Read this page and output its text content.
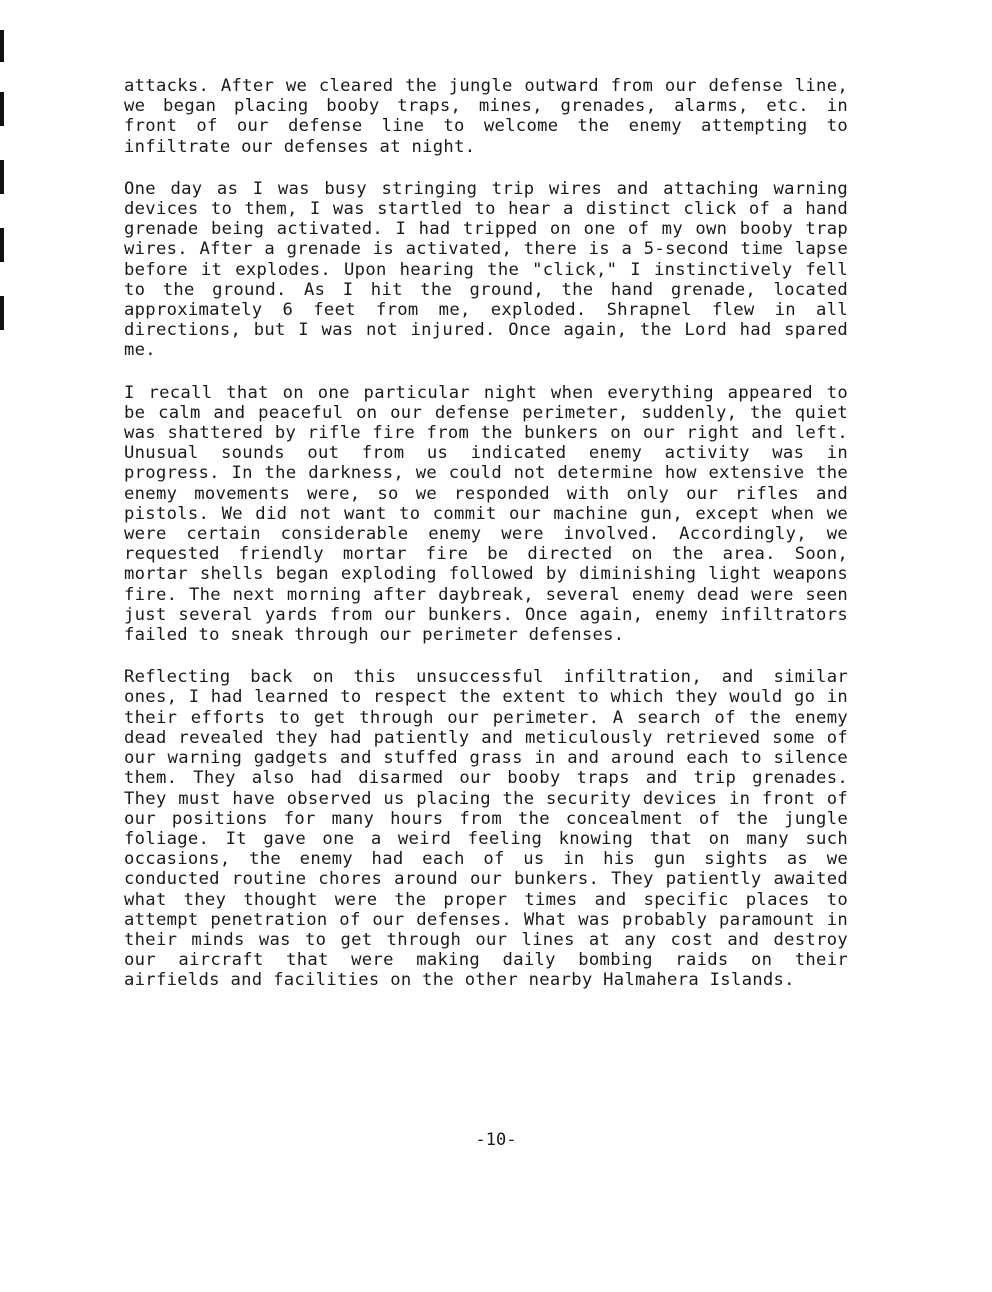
attacks. After we cleared the jungle outward from our defense line, we began placing booby traps, mines, grenades, alarms, etc. in front of our defense line to welcome the enemy attempting to infiltrate our defenses at night.

One day as I was busy stringing trip wires and attaching warning devices to them, I was startled to hear a distinct click of a hand grenade being activated. I had tripped on one of my own booby trap wires. After a grenade is activated, there is a 5-second time lapse before it explodes. Upon hearing the "click," I instinctively fell to the ground. As I hit the ground, the hand grenade, located approximately 6 feet from me, exploded. Shrapnel flew in all directions, but I was not injured. Once again, the Lord had spared me.

I recall that on one particular night when everything appeared to be calm and peaceful on our defense perimeter, suddenly, the quiet was shattered by rifle fire from the bunkers on our right and left. Unusual sounds out from us indicated enemy activity was in progress. In the darkness, we could not determine how extensive the enemy movements were, so we responded with only our rifles and pistols. We did not want to commit our machine gun, except when we were certain considerable enemy were involved. Accordingly, we requested friendly mortar fire be directed on the area. Soon, mortar shells began exploding followed by diminishing light weapons fire. The next morning after daybreak, several enemy dead were seen just several yards from our bunkers. Once again, enemy infiltrators failed to sneak through our perimeter defenses.

Reflecting back on this unsuccessful infiltration, and similar ones, I had learned to respect the extent to which they would go in their efforts to get through our perimeter. A search of the enemy dead revealed they had patiently and meticulously retrieved some of our warning gadgets and stuffed grass in and around each to silence them. They also had disarmed our booby traps and trip grenades. They must have observed us placing the security devices in front of our positions for many hours from the concealment of the jungle foliage. It gave one a weird feeling knowing that on many such occasions, the enemy had each of us in his gun sights as we conducted routine chores around our bunkers. They patiently awaited what they thought were the proper times and specific places to attempt penetration of our defenses. What was probably paramount in their minds was to get through our lines at any cost and destroy our aircraft that were making daily bombing raids on their airfields and facilities on the other nearby Halmahera Islands.

-10-
